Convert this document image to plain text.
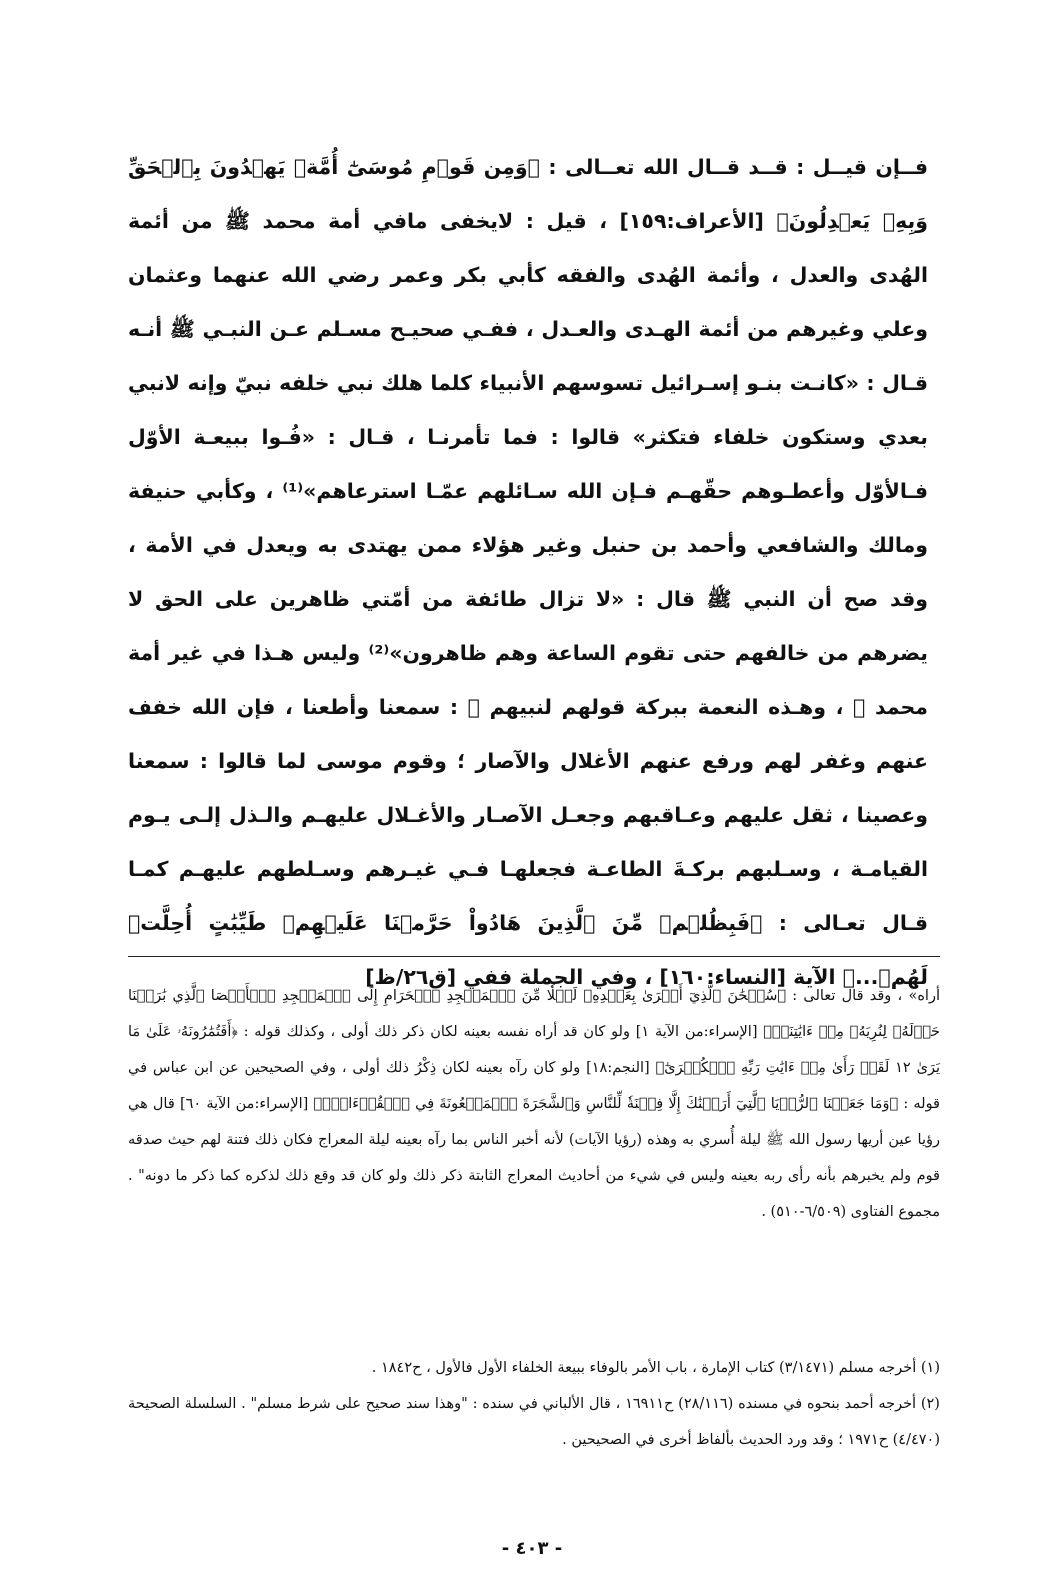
فــإن قيــل : قــد قــال الله تعــالى : ﴿وَمِن قَوۡمِ مُوسَىٰٓ أُمَّةٞ يَهۡدُونَ بِٱلۡحَقِّ وَبِهِۦ يَعۡدِلُونَ﴾ [الأعراف:١٥٩] ، قيل : لايخفى مافي أمة محمد ﷺ من أئمة الهُدى والعدل ، وأئمة الهُدى والفقه كأبي بكر وعمر رضي الله عنهما وعثمان وعلي وغيرهم من أئمة الهـدى والعـدل ، ففـي صحيـح مسـلم عـن النبـي ﷺ أنـه قـال : «كانـت بنـو إسـرائيل تسوسهم الأنبياء كلما هلك نبي خلفه نبيّ وإنه لانبي بعدي وستكون خلفاء فتكثر» قالوا : فما تأمرنـا ، قـال : «فُـوا ببيعـة الأوّل فـالأوّل وأعطـوهم حقّهـم فـإن الله سـائلهم عمّـا استرعاهم»⁽¹⁾ ، وكأبي حنيفة ومالك والشافعي وأحمد بن حنبل وغير هؤلاء ممن يهتدى به ويعدل في الأمة ، وقد صح أن النبي ﷺ قال : «لا تزال طائفة من أمّتي ظاهرين على الحق لا يضرهم من خالفهم حتى تقوم الساعة وهم ظاهرون»⁽²⁾ وليس هـذا في غير أمة محمد ﷺ ، وهـذه النعمة ببركة قولهم لنبيهم ﷺ : سمعنا وأطعنا ، فإن الله خفف عنهم وغفر لهم ورفع عنهم الأغلال والآصار ؛ وقوم موسى لما قالوا : سمعنا وعصينا ، ثقل عليهم وعـاقبهم وجعـل الآصـار والأغـلال عليهـم والـذل إلـى يـوم القيامـة ، وسـلبهم بركـةَ الطاعـة فجعلهـا فـي غيـرهم وسـلطهم عليهـم كمـا قـال تعـالى : ﴿فَبِظُلۡمٖ مِّنَ ٱلَّذِينَ هَادُواْ حَرَّمۡنَا عَلَيۡهِمۡ طَيِّبَٰتٍ أُحِلَّتۡ لَهُمۡ...﴾ الآية [النساء:١٦٠] ، وفي الجملة ففي [ق٢٦/ظ]

أراه» ، وقد قال تعالى : ﴿سُبۡحَٰنَ ٱلَّذِيٓ أَسۡرَىٰ بِعَبۡدِهِۦ لَيۡلٗا مِّنَ ٱلۡمَسۡجِدِ ٱلۡحَرَامِ إِلَى ٱلۡمَسۡجِدِ ٱلۡأَقۡصَا ٱلَّذِي بَٰرَكۡنَا حَوۡلَهُۥ لِنُرِيَهُۥ مِنۡ ءَايَٰتِنَآۚ﴾ [الإسراء:من الآية ١] ولو كان قد أراه نفسه بعينه لكان ذكر ذلك أولى ، وكذلك قوله : ﴿أَفَتُمَٰرُونَهُۥ عَلَىٰ مَا يَرَىٰ ١٢ لَقَدۡ رَأَىٰ مِنۡ ءَايَٰتِ رَبِّهِ ٱلۡكُبۡرَىٰٓ﴾ [النجم:١٨] ولو كان رآه بعينه لكان ذِكْرُ ذلك أولى ، وفي الصحيحين عن ابن عباس في قوله : ﴿وَمَا جَعَلۡنَا ٱلرُّءۡيَا ٱلَّتِيٓ أَرَيۡنَٰكَ إِلَّا فِتۡنَةٗ لِّلنَّاسِ وَٱلشَّجَرَةَ ٱلۡمَلۡعُونَةَ فِي ٱلۡقُرۡءَانِۚ﴾ [الإسراء:من الآية ٦٠] قال هي رؤيا عين أريها رسول الله ﷺ ليلة أُسري به وهذه (رؤيا الآيات) لأنه أخبر الناس بما رآه بعينه ليلة المعراج فكان ذلك فتنة لهم حيث صدقه قوم ولم يخبرهم بأنه رأى ربه بعينه وليس في شيء من أحاديث المعراج الثابتة ذكر ذلك ولو كان قد وقع ذلك لذكره كما ذكر ما دونه" . مجموع الفتاوى (٦/٥٠٩-٥١٠) .

(١) أخرجه مسلم (٣/١٤٧١) كتاب الإمارة ، باب الأمر بالوفاء ببيعة الخلفاء الأول فالأول ، ح١٨٤٢ .

(٢) أخرجه أحمد بنحوه في مسنده (٢٨/١١٦) ح١٦٩١١ ، قال الألباني في سنده : "وهذا سند صحيح على شرط مسلم" . السلسلة الصحيحة (٤/٤٧٠) ح١٩٧١ ؛ وقد ورد الحديث بألفاظ أخرى في الصحيحين .

- ٤٠٣ -
